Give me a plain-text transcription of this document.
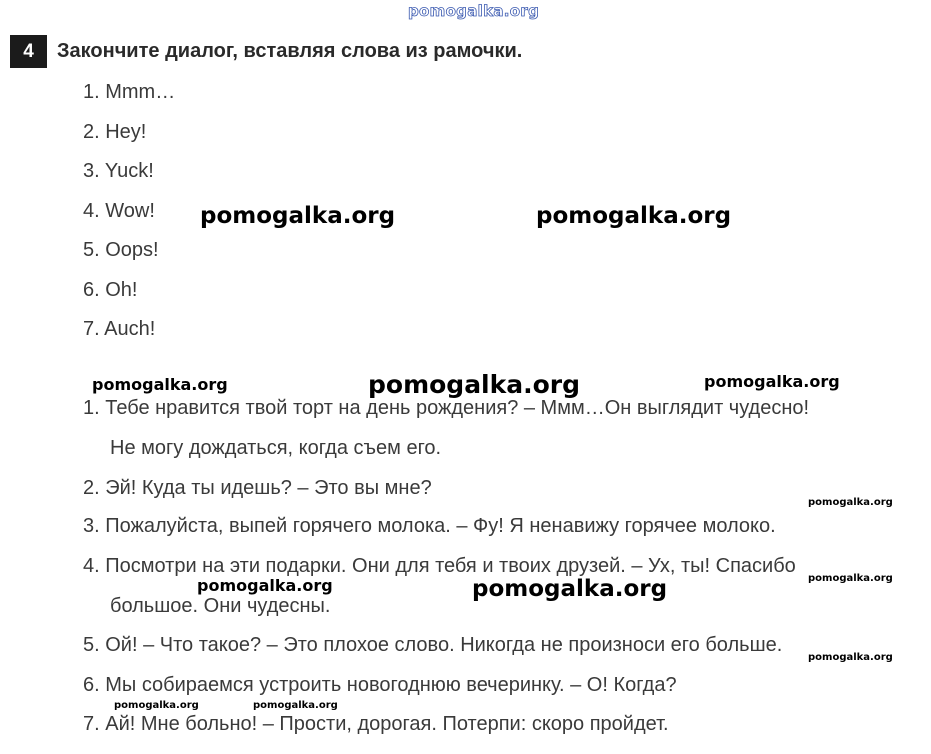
pomogalka.org
4	Закончите диалог, вставляя слова из рамочки.
1. Mmm…
2. Hey!
3. Yuck!
4. Wow!
5. Oops!
6. Oh!
7. Auch!
1. Тебе нравится твой торт на день рождения? – Ммм…Он выглядит чудесно!
Не могу дождаться, когда съем его.
2. Эй! Куда ты идешь? – Это вы мне?
3. Пожалуйста, выпей горячего молока. – Фу! Я ненавижу горячее молоко.
4. Посмотри на эти подарки. Они для тебя и твоих друзей. – Ух, ты! Спасибо
большое. Они чудесны.
5. Ой! – Что такое? – Это плохое слово. Никогда не произноси его больше.
6. Мы собираемся устроить новогоднюю вечеринку. – О! Когда?
7. Ай! Мне больно! – Прости, дорогая. Потерпи: скоро пройдет.
pomogalka.org	pomogalka.org
pomogalka.org	pomogalka.org	pomogalka.org
pomogalka.org
pomogalka.org
pomogalka.org	pomogalka.org
pomogalka.org
pomogalka.org	pomogalka.org
